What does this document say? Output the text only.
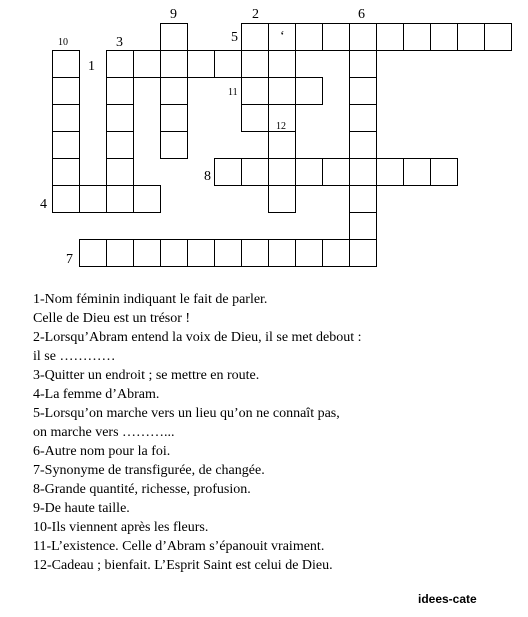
9	2	6
5	‘
3
10
1
11
12
8
4
7
1-Nom féminin indiquant le fait de parler.
Celle de Dieu est un trésor !
2-Lorsqu’Abram entend la voix de Dieu, il se met debout :
il se …………
3-Quitter un endroit ; se mettre en route.
4-La femme d’Abram.
5-Lorsqu’on marche vers un lieu qu’on ne connaît pas,
on marche vers ………...
6-Autre nom pour la foi.
7-Synonyme de transfigurée, de changée.
8-Grande quantité, richesse, profusion.
9-De haute taille.
10-Ils viennent après les fleurs.
11-L’existence. Celle d’Abram s’épanouit vraiment.
12-Cadeau ; bienfait. L’Esprit Saint est celui de Dieu.
idees-cate
